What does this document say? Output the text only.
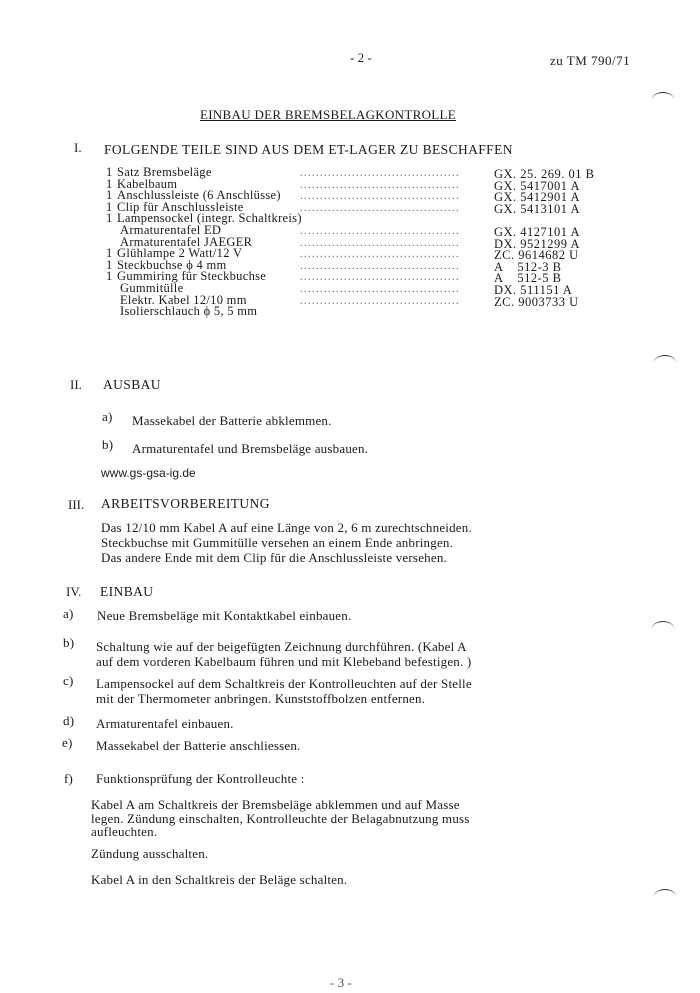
- 2 -	zu TM 790/71
EINBAU DER BREMSBELAGKONTROLLE
I. FOLGENDE TEILE SIND AUS DEM ET-LAGER ZU BESCHAFFEN
1 Satz Bremsbeläge	........................................	GX. 25. 269. 01 B
1 Kabelbaum	........................................	GX. 5417001 A
1 Anschlussleiste (6 Anschlüsse) ........................................	GX. 5412901 A
1 Clip für Anschlussleiste	........................................	GX. 5413101 A
1 Lampensockel (integr. Schaltkreis)
Armaturentafel ED	........................................	GX. 4127101 A
Armaturentafel JAEGER	........................................	DX. 9521299 A
1 Glühlampe 2 Watt/12 V	........................................	ZC. 9614682 U
1 Steckbuchse ϕ 4 mm	........................................	A    512-3 B
1 Gummiring für Steckbuchse	........................................	A    512-5 B
Gummitülle	........................................	DX. 511151 A
Elektr. Kabel 12/10 mm	........................................	ZC. 9003733 U
Isolierschlauch ϕ 5, 5 mm
II. AUSBAU
a) Massekabel der Batterie abklemmen.
b) Armaturentafel und Bremsbeläge ausbauen.
www.gs-gsa-ig.de
III. ARBEITSVORBEREITUNG
Das 12/10 mm Kabel A auf eine Länge von 2, 6 m zurechtschneiden.
Steckbuchse mit Gummitülle versehen an einem Ende anbringen.
Das andere Ende mit dem Clip für die Anschlussleiste versehen.
IV. EINBAU
a) Neue Bremsbeläge mit Kontaktkabel einbauen.
b) Schaltung wie auf der beigefügten Zeichnung durchführen. (Kabel A
auf dem vorderen Kabelbaum führen und mit Klebeband befestigen. )
c) Lampensockel auf dem Schaltkreis der Kontrolleuchten auf der Stelle
mit der Thermometer anbringen. Kunststoffbolzen entfernen.
d) Armaturentafel einbauen.
e) Massekabel der Batterie anschliessen.
f) Funktionsprüfung der Kontrolleuchte :
Kabel A am Schaltkreis der Bremsbeläge abklemmen und auf Masse
legen. Zündung einschalten, Kontrolleuchte der Belagabnutzung muss
aufleuchten.
Zündung ausschalten.
Kabel A in den Schaltkreis der Beläge schalten.
- 3 -
